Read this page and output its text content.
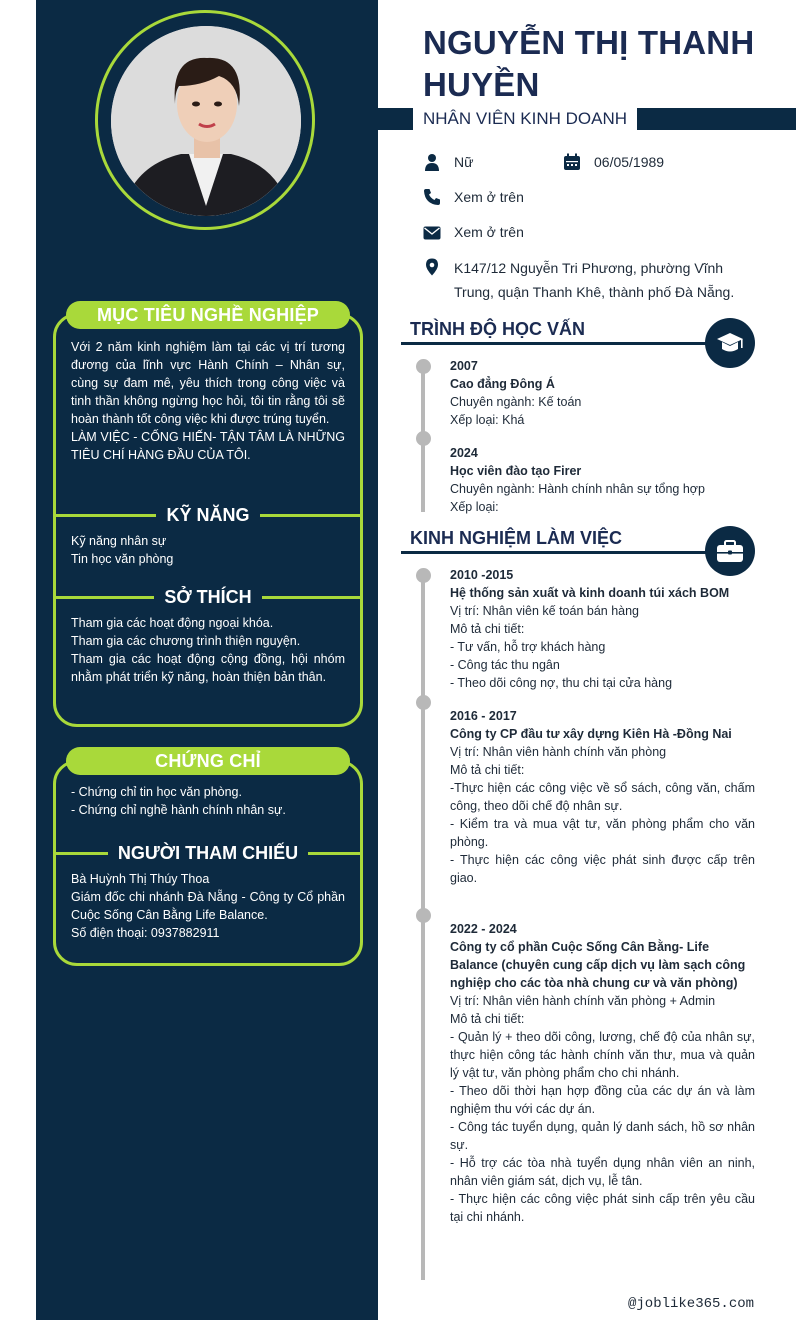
MỤC TIÊU NGHỀ NGHIỆP

Với 2 năm kinh nghiệm làm tại các vị trí tương đương của lĩnh vực Hành Chính – Nhân sự, cùng sự đam mê, yêu thích trong công việc và tinh thần không ngừng học hỏi, tôi tin rằng tôi sẽ hoàn thành tốt công việc khi được trúng tuyển.

LÀM VIỆC - CỐNG HIẾN- TẬN TÂM LÀ NHỮNG TIÊU CHÍ HÀNG ĐẦU CỦA TÔI.

KỸ NĂNG

Kỹ năng nhân sự

Tin học văn phòng

SỞ THÍCH

Tham gia các hoạt động ngoại khóa.

Tham gia các chương trình thiện nguyện.

Tham gia các hoạt động cộng đồng, hội nhóm nhằm phát triển kỹ năng, hoàn thiện bản thân.

CHỨNG CHỈ

- Chứng chỉ tin học văn phòng.

- Chứng chỉ nghề hành chính nhân sự.

NGƯỜI THAM CHIẾU

Bà Huỳnh Thị Thúy Thoa

Giám đốc chi nhánh Đà Nẵng - Công ty Cổ phần Cuộc Sống Cân Bằng Life Balance.

Số điện thoại: 0937882911

NGUYỄN THỊ THANH HUYỀN
NHÂN VIÊN KINH DOANH
Nữ	06/05/1989
Xem ở trên
Xem ở trên
K147/12 Nguyễn Tri Phương, phường Vĩnh Trung, quận Thanh Khê, thành phố Đà Nẵng.
TRÌNH ĐỘ HỌC VẤN

2007

Cao đẳng Đông Á

Chuyên ngành: Kế toán

Xếp loại: Khá

2024

Học viên đào tạo Firer

Chuyên ngành: Hành chính nhân sự tổng hợp

Xếp loại:

KINH NGHIỆM LÀM VIỆC

2010 -2015

Hệ thống sản xuất và kinh doanh túi xách BOM

Vị trí: Nhân viên kế toán bán hàng

Mô tả chi tiết:

- Tư vấn, hỗ trợ khách hàng

- Công tác thu ngân

- Theo dõi công nợ, thu chi tại cửa hàng

2016 - 2017

Công ty CP đầu tư xây dựng Kiên Hà -Đồng Nai

Vị trí: Nhân viên hành chính văn phòng

Mô tả chi tiết:

-Thực hiện các công việc về sổ sách, công văn, chấm công, theo dõi chế độ nhân sự.

- Kiểm tra và mua vật tư, văn phòng phẩm cho văn phòng.

- Thực hiện các công việc phát sinh được cấp trên giao.

2022 - 2024

Công ty cổ phần Cuộc Sống Cân Bằng- Life Balance (chuyên cung cấp dịch vụ làm sạch công nghiệp cho các tòa nhà chung cư và văn phòng)

Vị trí: Nhân viên hành chính văn phòng + Admin

Mô tả chi tiết:

- Quản lý + theo dõi công, lương, chế độ của nhân sự, thực hiện công tác hành chính văn thư, mua và quản lý vật tư, văn phòng phẩm cho chi nhánh.

- Theo dõi thời hạn hợp đồng của các dự án và làm nghiệm thu với các dự án.

- Công tác tuyển dụng, quản lý danh sách, hồ sơ nhân sự.

- Hỗ trợ các tòa nhà tuyển dụng nhân viên an ninh, nhân viên giám sát, dịch vụ, lễ tân.

- Thực hiện các công việc phát sinh cấp trên yêu cầu tại chi nhánh.

@joblike365.com
